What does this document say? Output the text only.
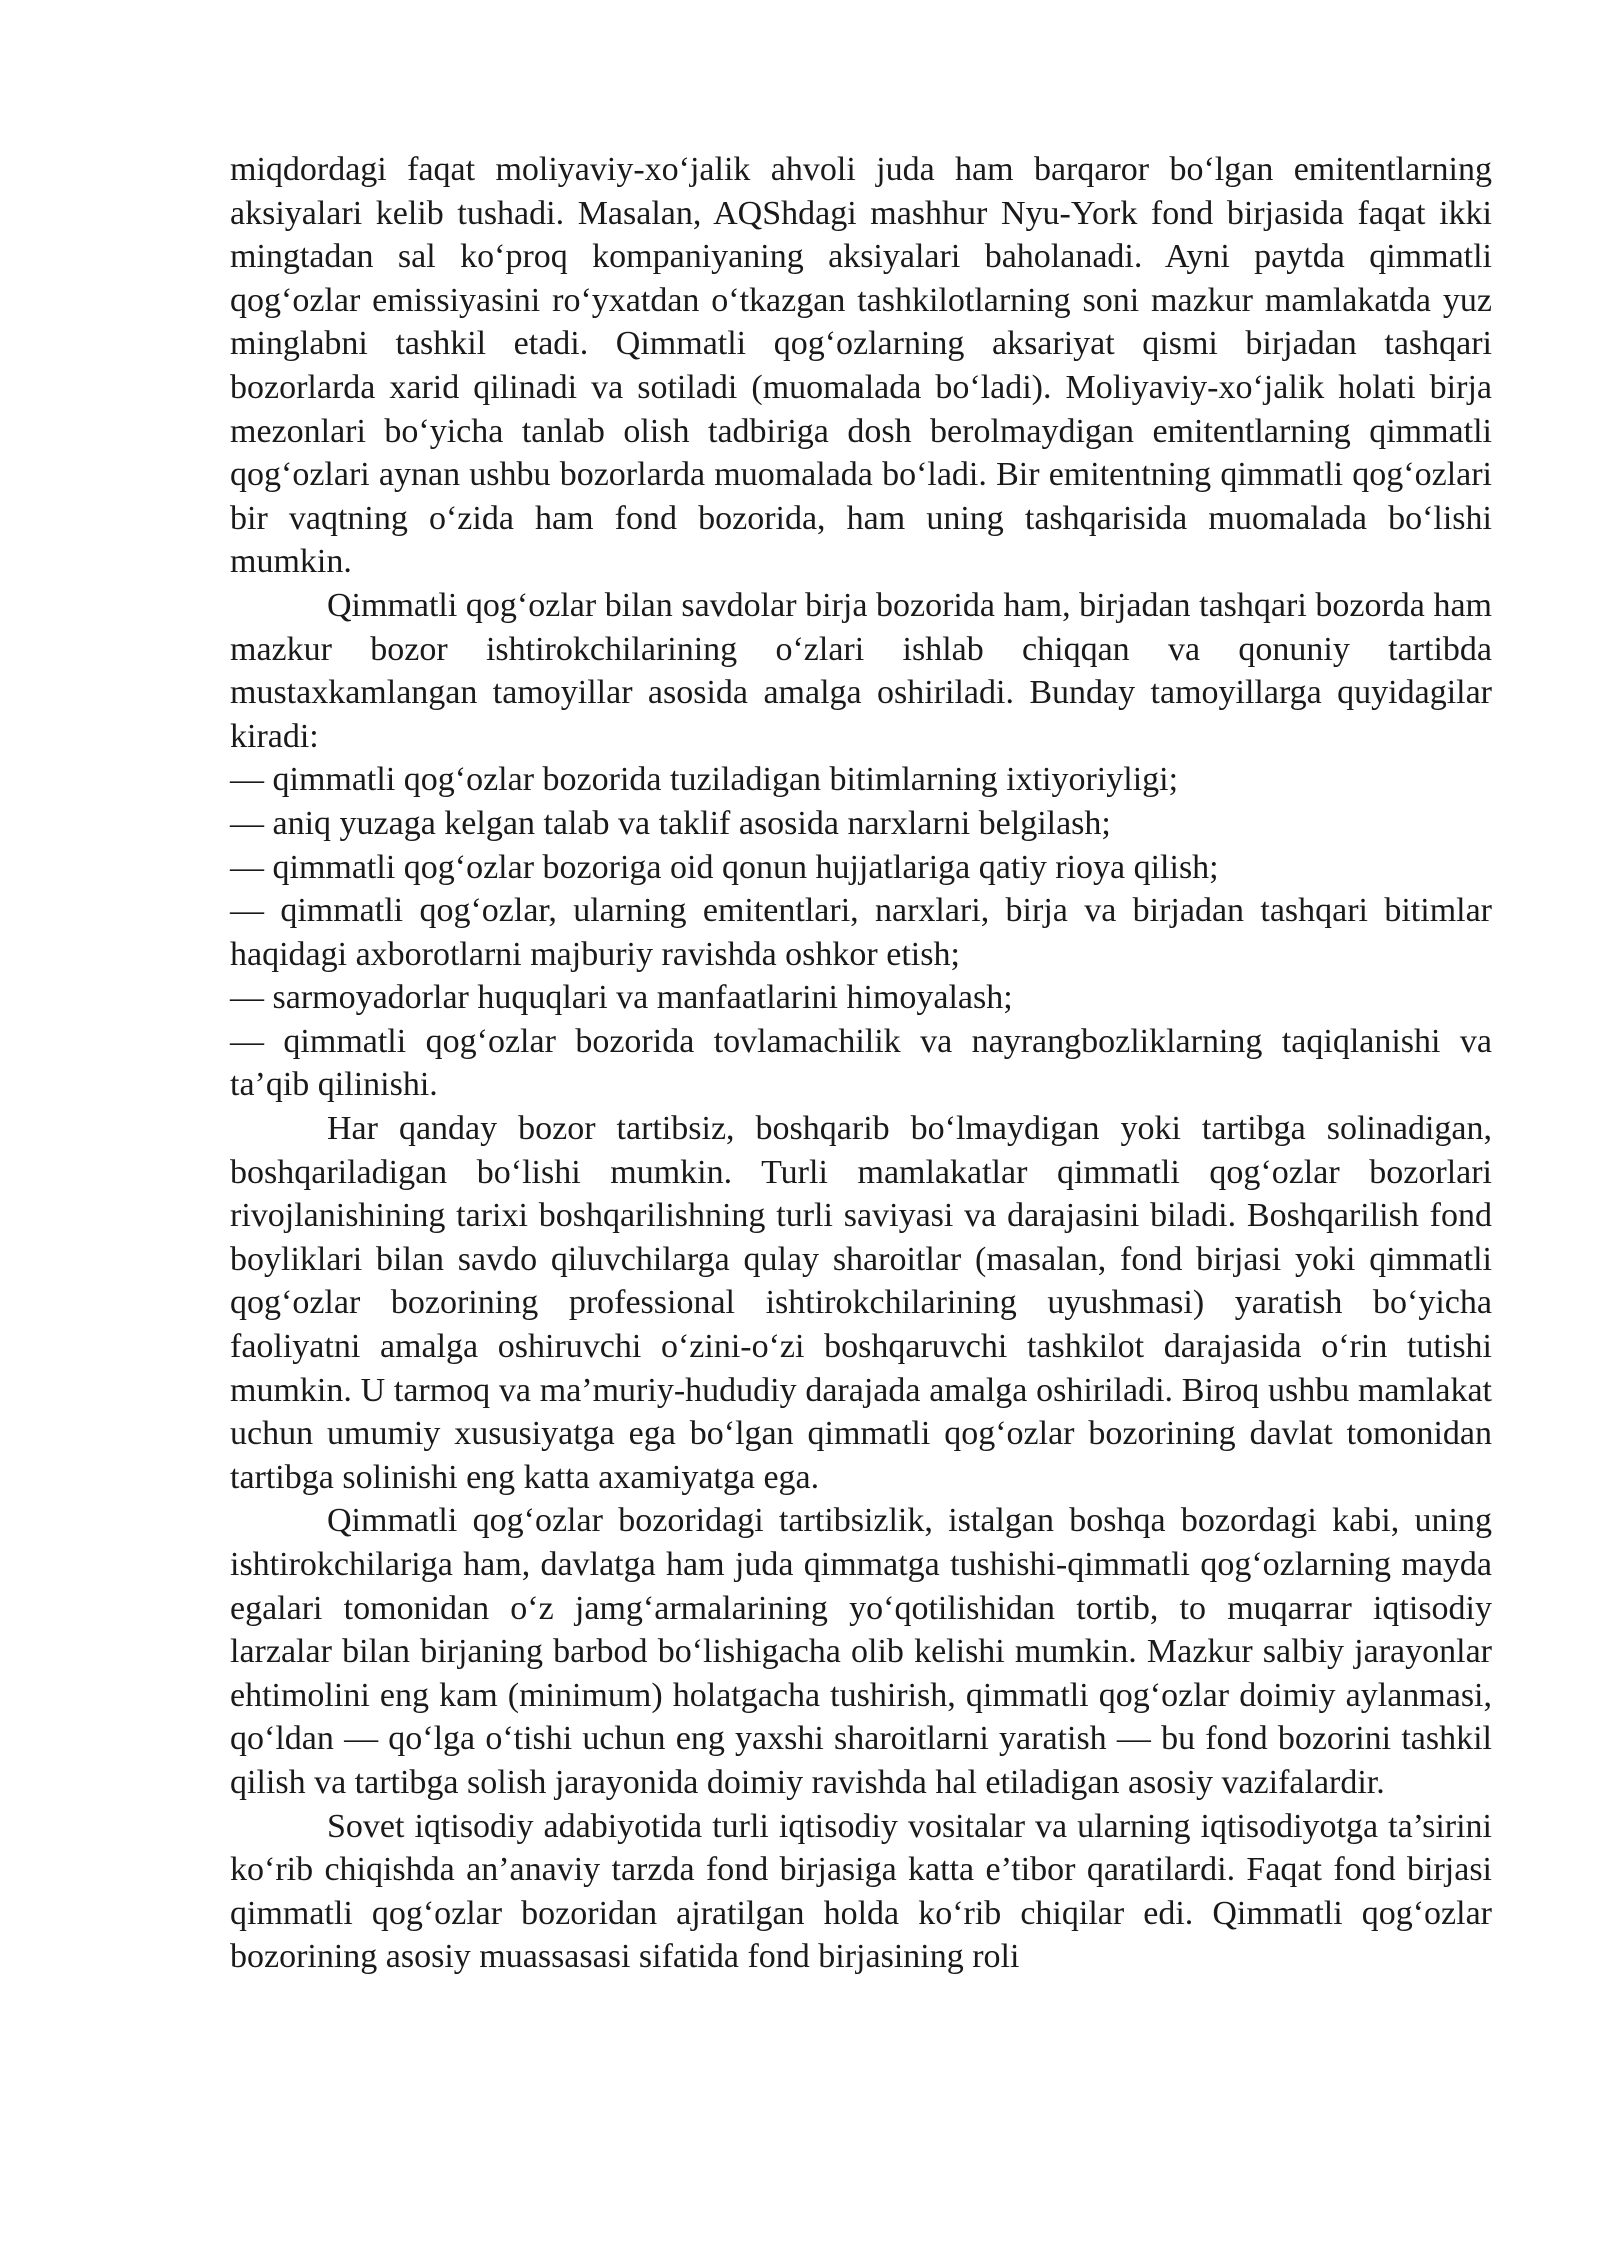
miqdordagi faqat moliyaviy-xo‘jalik ahvoli juda ham barqaror bo‘lgan emitentlarning aksiyalari kelib tushadi. Masalan, AQShdagi mashhur Nyu-York fond birjasida faqat ikki mingtadan sal ko‘proq kompaniyaning aksiyalari baholanadi. Ayni paytda qimmatli qog‘ozlar emissiyasini ro‘yxatdan o‘tkazgan tashkilotlarning soni mazkur mamlakatda yuz minglabni tashkil etadi. Qimmatli qog‘ozlarning aksariyat qismi birjadan tashqari bozorlarda xarid qilinadi va sotiladi (muomalada bo‘ladi). Moliyaviy-xo‘jalik holati birja mezonlari bo‘yicha tanlab olish tadbiriga dosh berolmaydigan emitentlarning qimmatli qog‘ozlari aynan ushbu bozorlarda muomalada bo‘ladi. Bir emitentning qimmatli qog‘ozlari bir vaqtning o‘zida ham fond bozorida, ham uning tashqarisida muomalada bo‘lishi mumkin.

Qimmatli qog‘ozlar bilan savdolar birja bozorida ham, birjadan tashqari bozorda ham mazkur bozor ishtirokchilarining o‘zlari ishlab chiqqan va qonuniy tartibda mustaxkamlangan tamoyillar asosida amalga oshiriladi. Bunday tamoyillarga quyidagilar kiradi:

— qimmatli qog‘ozlar bozorida tuziladigan bitimlarning ixtiyoriyligi;

— aniq yuzaga kelgan talab va taklif asosida narxlarni belgilash;

— qimmatli qog‘ozlar bozoriga oid qonun hujjatlariga qatiy rioya qilish;

— qimmatli qog‘ozlar, ularning emitentlari, narxlari, birja va birjadan tashqari bitimlar haqidagi axborotlarni majburiy ravishda oshkor etish;

— sarmoyadorlar huquqlari va manfaatlarini himoyalash;

— qimmatli qog‘ozlar bozorida tovlamachilik va nayrangbozliklarning taqiqlanishi va ta’qib qilinishi.

Har qanday bozor tartibsiz, boshqarib bo‘lmaydigan yoki tartibga solinadigan, boshqariladigan bo‘lishi mumkin. Turli mamlakatlar qimmatli qog‘ozlar bozorlari rivojlanishining tarixi boshqarilishning turli saviyasi va darajasini biladi. Boshqarilish fond boyliklari bilan savdo qiluvchilarga qulay sharoitlar (masalan, fond birjasi yoki qimmatli qog‘ozlar bozorining professional ishtirokchilarining uyushmasi) yaratish bo‘yicha faoliyatni amalga oshiruvchi o‘zini-o‘zi boshqaruvchi tashkilot darajasida o‘rin tutishi mumkin. U tarmoq va ma’muriy-hududiy darajada amalga oshiriladi. Biroq ushbu mamlakat uchun umumiy xususiyatga ega bo‘lgan qimmatli qog‘ozlar bozorining davlat tomonidan tartibga solinishi eng katta axamiyatga ega.

Qimmatli qog‘ozlar bozoridagi tartibsizlik, istalgan boshqa bozordagi kabi, uning ishtirokchilariga ham, davlatga ham juda qimmatga tushishi-qimmatli qog‘ozlarning mayda egalari tomonidan o‘z jamg‘armalarining yo‘qotilishidan tortib, to muqarrar iqtisodiy larzalar bilan birjaning barbod bo‘lishigacha olib kelishi mumkin. Mazkur salbiy jarayonlar ehtimolini eng kam (minimum) holatgacha tushirish, qimmatli qog‘ozlar doimiy aylanmasi, qo‘ldan — qo‘lga o‘tishi uchun eng yaxshi sharoitlarni yaratish — bu fond bozorini tashkil qilish va tartibga solish jarayonida doimiy ravishda hal etiladigan asosiy vazifalardir.

Sovet iqtisodiy adabiyotida turli iqtisodiy vositalar va ularning iqtisodiyotga ta’sirini ko‘rib chiqishda an’anaviy tarzda fond birjasiga katta e’tibor qaratilardi. Faqat fond birjasi qimmatli qog‘ozlar bozoridan ajratilgan holda ko‘rib chiqilar edi. Qimmatli qog‘ozlar bozorining asosiy muassasasi sifatida fond birjasining roli
